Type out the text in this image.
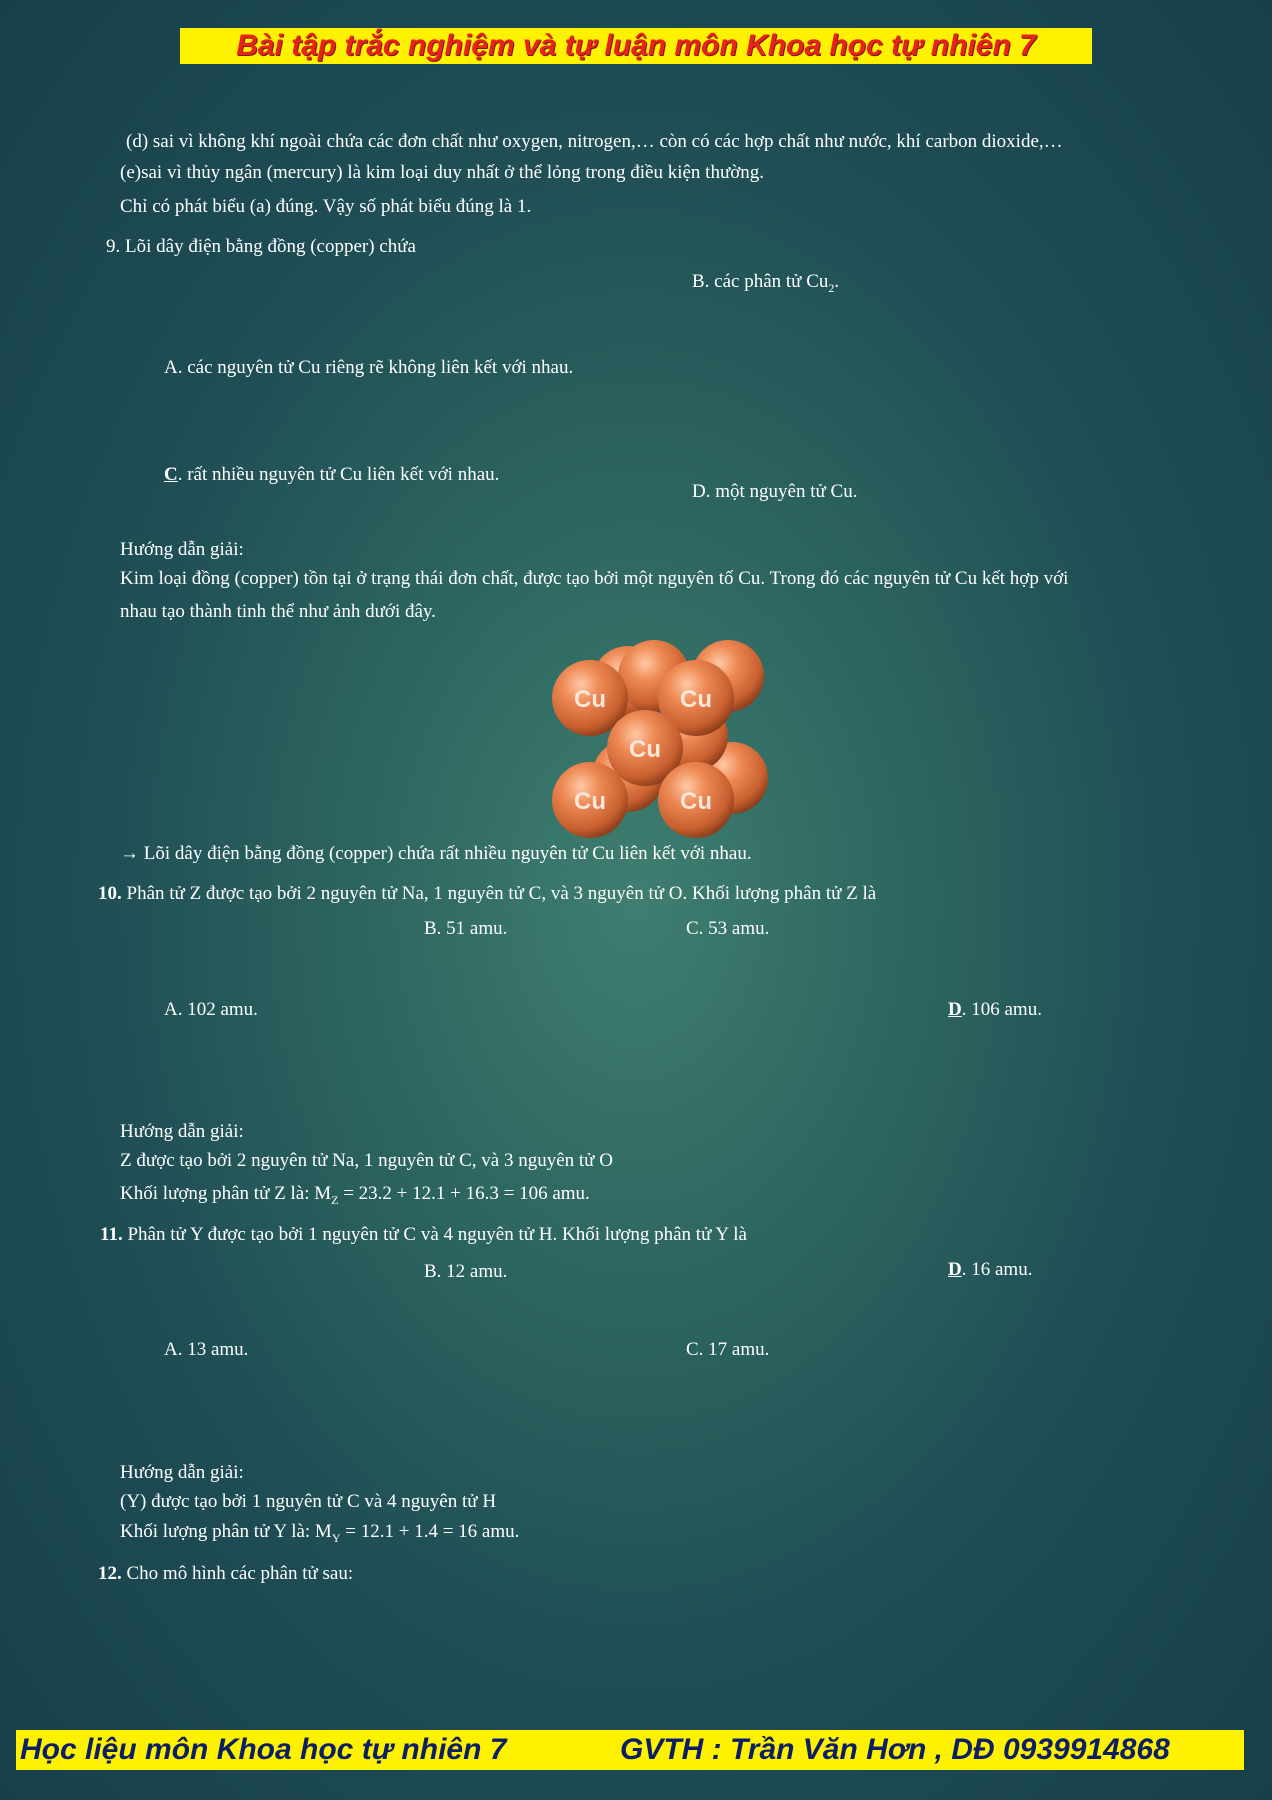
Bài tập trắc nghiệm và tự luận môn Khoa học tự nhiên 7
(d) sai vì không khí ngoài chứa các đơn chất như oxygen, nitrogen,… còn có các hợp chất như nước, khí carbon dioxide,…
(e)sai vì thủy ngân (mercury) là kim loại duy nhất ở thể lỏng trong điều kiện thường.
Chỉ có phát biểu (a) đúng. Vậy số phát biểu đúng là 1.
9. Lõi dây điện bằng đồng (copper) chứa
B. các phân tử $Cu_2$.
A. các nguyên tử Cu riêng rẽ không liên kết với nhau.
C. rất nhiều nguyên tử Cu liên kết với nhau.
D. một nguyên tử Cu.
Hướng dẫn giải:
Kim loại đồng (copper) tồn tại ở trạng thái đơn chất, được tạo bởi một nguyên tố Cu. Trong đó các nguyên tử Cu kết hợp với
nhau tạo thành tinh thể như ảnh dưới đây.
Cu	Cu
Cu
Cu	Cu
→ Lõi dây điện bằng đồng (copper) chứa rất nhiều nguyên tử Cu liên kết với nhau.
10. Phân tử Z được tạo bởi 2 nguyên tử Na, 1 nguyên tử C, và 3 nguyên tử O. Khối lượng phân tử Z là
B. 51 amu.	C. 53 amu.
A. 102 amu.	D. 106 amu.
Hướng dẫn giải:
Z được tạo bởi 2 nguyên tử Na, 1 nguyên tử C, và 3 nguyên tử O
Khối lượng phân tử Z là: $M_Z = 23.2 + 12.1 + 16.3 = 106$ amu.
11. Phân tử Y được tạo bởi 1 nguyên tử C và 4 nguyên tử H. Khối lượng phân tử Y là
B. 12 amu.	D. 16 amu.
A. 13 amu.	C. 17 amu.
Hướng dẫn giải:
(Y) được tạo bởi 1 nguyên tử C và 4 nguyên tử H
Khối lượng phân tử Y là: $M_Y = 12.1 + 1.4 = 16$ amu.
12. Cho mô hình các phân tử sau:
Học liệu môn Khoa học tự nhiên 7	GVTH : Trần Văn Hơn , DĐ 0939914868
